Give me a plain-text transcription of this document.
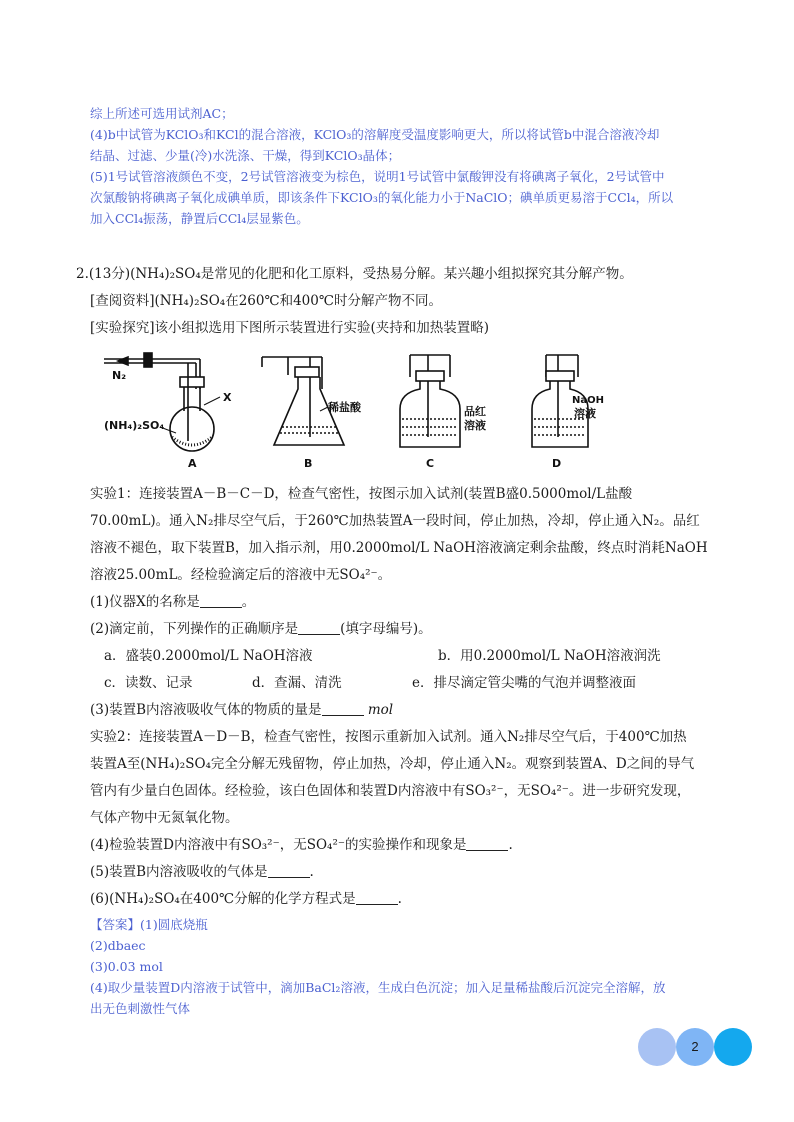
综上所述可选用试剂AC；
(4)b中试管为KClO₃和KCl的混合溶液，KClO₃的溶解度受温度影响更大，所以将试管b中混合溶液冷却
结晶、过滤、少量(冷)水洗涤、干燥，得到KClO₃晶体；
(5)1号试管溶液颜色不变，2号试管溶液变为棕色，说明1号试管中氯酸钾没有将碘离子氧化，2号试管中
次氯酸钠将碘离子氧化成碘单质，即该条件下KClO₃的氧化能力小于NaClO；碘单质更易溶于CCl₄，所以
加入CCl₄振荡，静置后CCl₄层显紫色。
2.(13分)(NH₄)₂SO₄是常见的化肥和化工原料，受热易分解。某兴趣小组拟探究其分解产物。
[查阅资料](NH₄)₂SO₄在260℃和400℃时分解产物不同。
[实验探究]该小组拟选用下图所示装置进行实验(夹持和加热装置略)
N₂
X
(NH₄)₂SO₄
A
稀盐酸
B
品红
溶液
C
NaOH
溶液
D
实验1：连接装置A－B－C－D，检查气密性，按图示加入试剂(装置B盛0.5000mol/L盐酸
70.00mL)。通入N₂排尽空气后，于260℃加热装置A一段时间，停止加热，冷却，停止通入N₂。品红
溶液不褪色，取下装置B，加入指示剂，用0.2000mol/L NaOH溶液滴定剩余盐酸，终点时消耗NaOH
溶液25.00mL。经检验滴定后的溶液中无SO₄²⁻。
(1)仪器X的名称是	。
(2)滴定前，下列操作的正确顺序是	(填字母编号)。
a．盛装0.2000mol/L NaOH溶液	b．用0.2000mol/L NaOH溶液润洗
c．读数、记录	d．查漏、清洗	e．排尽滴定管尖嘴的气泡并调整液面
(3)装置B内溶液吸收气体的物质的量是	mol
实验2：连接装置A－D－B，检查气密性，按图示重新加入试剂。通入N₂排尽空气后，于400℃加热
装置A至(NH₄)₂SO₄完全分解无残留物，停止加热，冷却，停止通入N₂。观察到装置A、D之间的导气
管内有少量白色固体。经检验，该白色固体和装置D内溶液中有SO₃²⁻，无SO₄²⁻。进一步研究发现，
气体产物中无氮氧化物。
(4)检验装置D内溶液中有SO₃²⁻，无SO₄²⁻的实验操作和现象是	.
(5)装置B内溶液吸收的气体是	.
(6)(NH₄)₂SO₄在400℃分解的化学方程式是	.
【答案】(1)圆底烧瓶
(2)dbaec
(3)0.03 mol
(4)取少量装置D内溶液于试管中，滴加BaCl₂溶液，生成白色沉淀；加入足量稀盐酸后沉淀完全溶解，放
出无色刺激性气体
2
